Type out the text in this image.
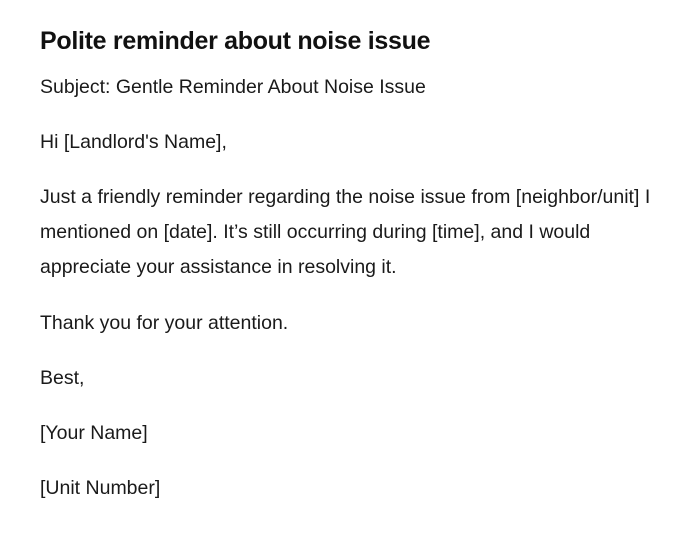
Polite reminder about noise issue

Subject: Gentle Reminder About Noise Issue

Hi [Landlord's Name],

Just a friendly reminder regarding the noise issue from [neighbor/unit] I mentioned on [date]. It’s still occurring during [time], and I would appreciate your assistance in resolving it.

Thank you for your attention.

Best,

[Your Name]

[Unit Number]
